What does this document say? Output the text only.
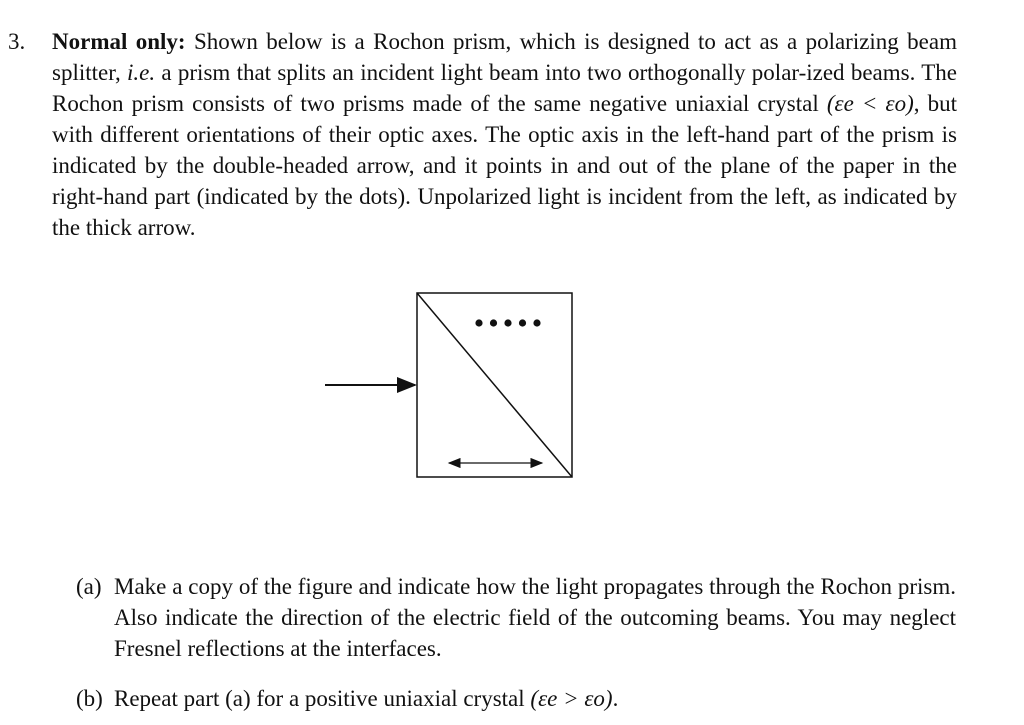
3. Normal only: Shown below is a Rochon prism, which is designed to act as a polarizing beam splitter, i.e. a prism that splits an incident light beam into two orthogonally polar-ized beams. The Rochon prism consists of two prisms made of the same negative uniaxial crystal (εe < εo), but with different orientations of their optic axes. The optic axis in the left-hand part of the prism is indicated by the double-headed arrow, and it points in and out of the plane of the paper in the right-hand part (indicated by the dots). Unpolarized light is incident from the left, as indicated by the thick arrow.
(a) Make a copy of the figure and indicate how the light propagates through the Rochon prism. Also indicate the direction of the electric field of the outcoming beams. You may neglect Fresnel reflections at the interfaces.
(b) Repeat part (a) for a positive uniaxial crystal (εe > εo).
